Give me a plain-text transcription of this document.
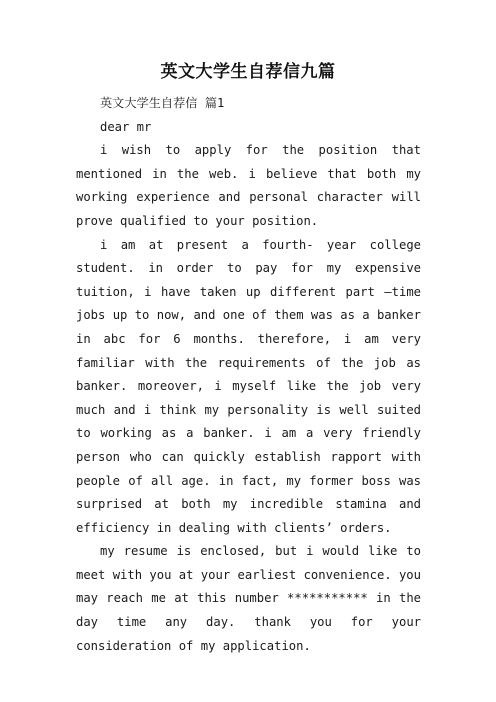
英文大学生自荐信九篇

英文大学生自荐信 篇1

dear mr

i wish to apply for the position that mentioned in the web. i believe that both my working experience and personal character will prove qualified to your position.

i am at present a fourth- year college student. in order to pay for my expensive tuition, i have taken up different part –time jobs up to now, and one of them was as a banker in abc for 6 months. therefore, i am very familiar with the requirements of the job as banker. moreover, i myself like the job very much and i think my personality is well suited to working as a banker. i am a very friendly person who can quickly establish rapport with people of all age. in fact, my former boss was surprised at both my incredible stamina and efficiency in dealing with clients’ orders.

my resume is enclosed, but i would like to meet with you at your earliest convenience. you may reach me at this number *********** in the day time any day. thank you for your consideration of my application.
